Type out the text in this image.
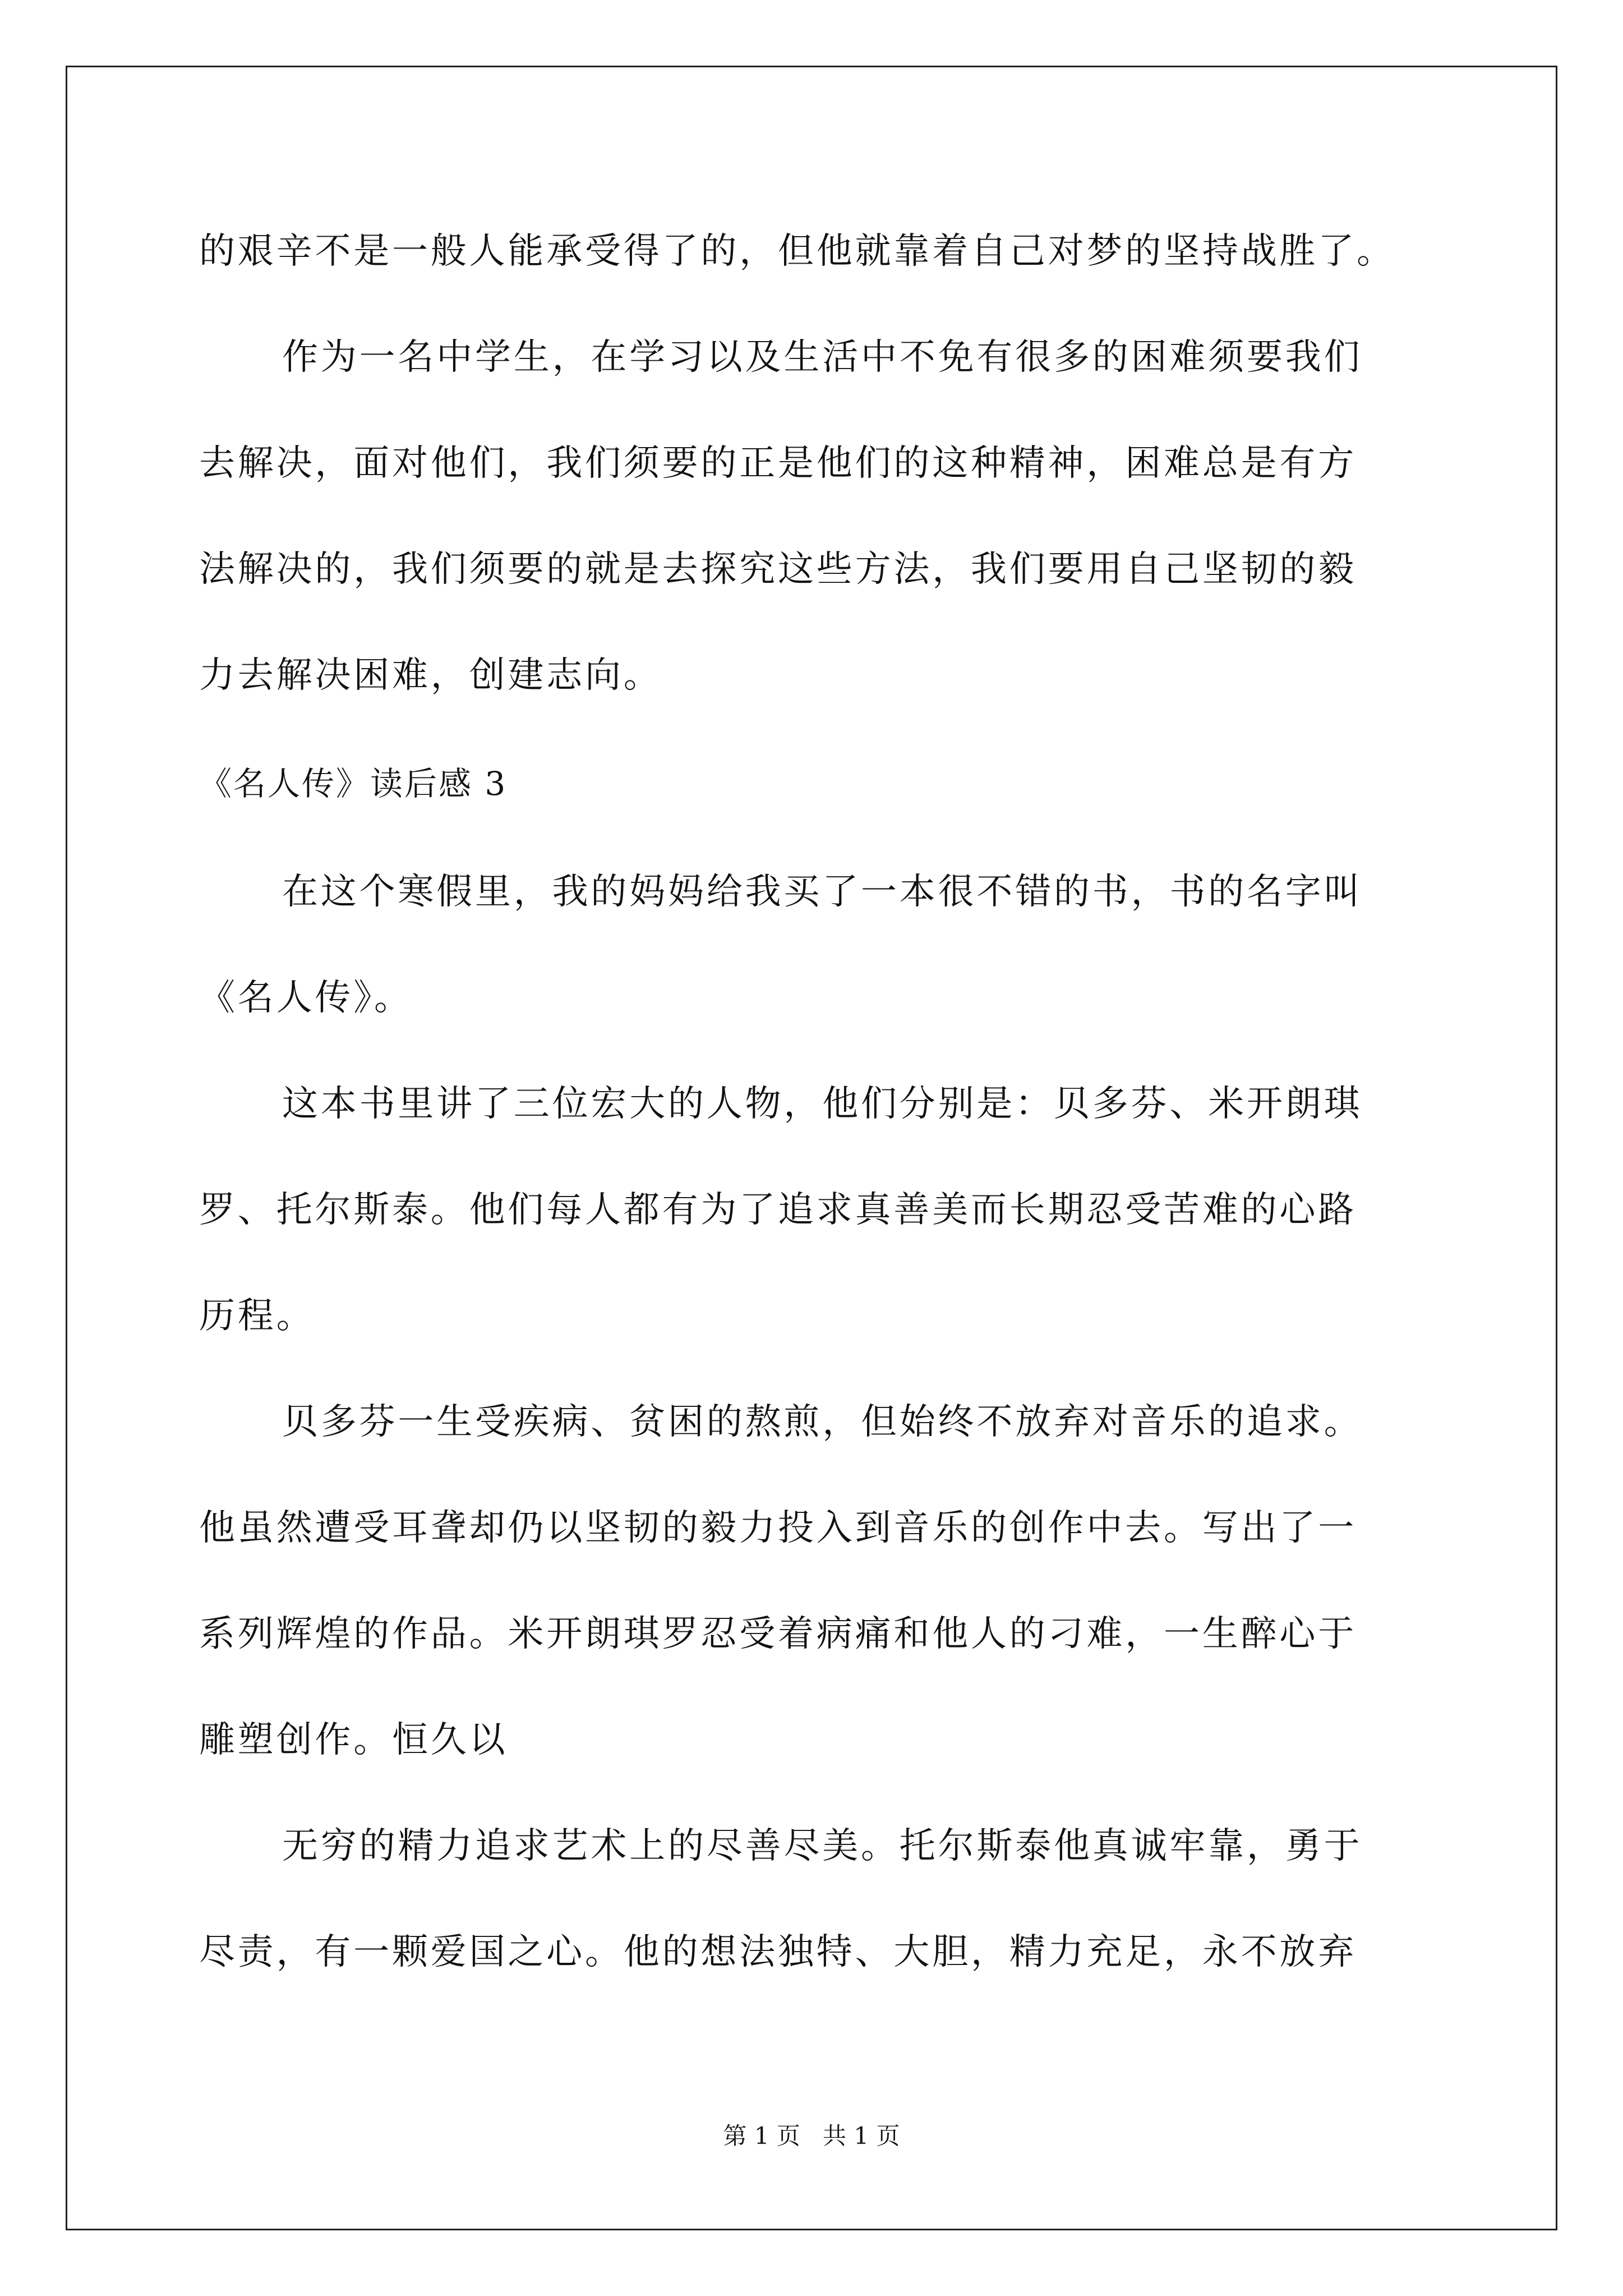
的艰辛不是一般人能承受得了的，但他就靠着自己对梦的坚持战胜了。
作为一名中学生，在学习以及生活中不免有很多的困难须要我们
去解决，面对他们，我们须要的正是他们的这种精神，困难总是有方
法解决的，我们须要的就是去探究这些方法，我们要用自己坚韧的毅
力去解决困难，创建志向。
《名人传》读后感 3
在这个寒假里，我的妈妈给我买了一本很不错的书，书的名字叫
《名人传》。
这本书里讲了三位宏大的人物，他们分别是：贝多芬、米开朗琪
罗、托尔斯泰。他们每人都有为了追求真善美而长期忍受苦难的心路
历程。
贝多芬一生受疾病、贫困的熬煎，但始终不放弃对音乐的追求。
他虽然遭受耳聋却仍以坚韧的毅力投入到音乐的创作中去。写出了一
系列辉煌的作品。米开朗琪罗忍受着病痛和他人的刁难，一生醉心于
雕塑创作。恒久以
无穷的精力追求艺术上的尽善尽美。托尔斯泰他真诚牢靠，勇于
尽责，有一颗爱国之心。他的想法独特、大胆，精力充足，永不放弃
第 1 页   共 1 页
